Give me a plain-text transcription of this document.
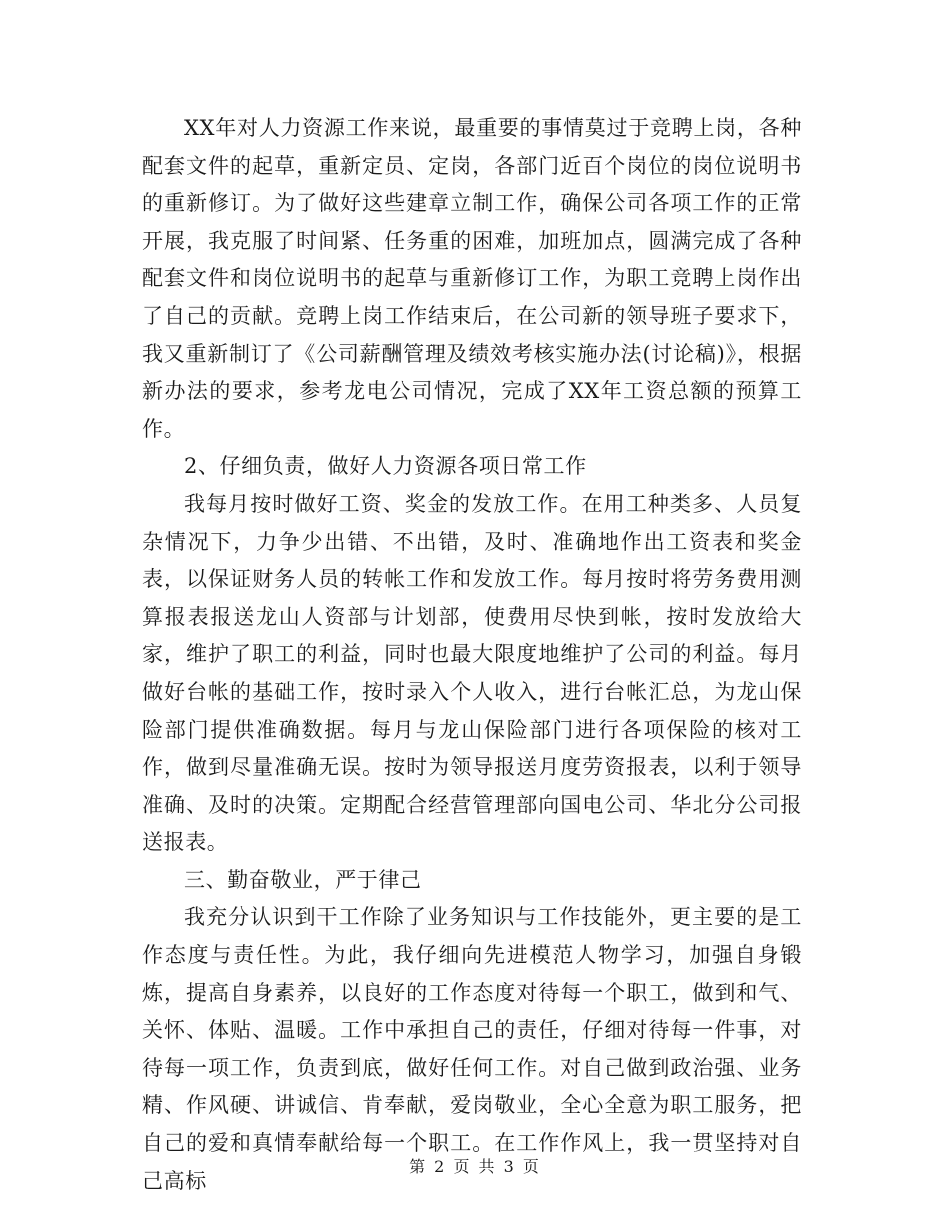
XX年对人力资源工作来说，最重要的事情莫过于竞聘上岗，各种配套文件的起草，重新定员、定岗，各部门近百个岗位的岗位说明书的重新修订。为了做好这些建章立制工作，确保公司各项工作的正常开展，我克服了时间紧、任务重的困难，加班加点，圆满完成了各种配套文件和岗位说明书的起草与重新修订工作，为职工竞聘上岗作出了自己的贡献。竞聘上岗工作结束后，在公司新的领导班子要求下，我又重新制订了《公司薪酬管理及绩效考核实施办法(讨论稿)》，根据新办法的要求，参考龙电公司情况，完成了XX年工资总额的预算工作。

2、仔细负责，做好人力资源各项日常工作

我每月按时做好工资、奖金的发放工作。在用工种类多、人员复杂情况下，力争少出错、不出错，及时、准确地作出工资表和奖金表，以保证财务人员的转帐工作和发放工作。每月按时将劳务费用测算报表报送龙山人资部与计划部，使费用尽快到帐，按时发放给大家，维护了职工的利益，同时也最大限度地维护了公司的利益。每月做好台帐的基础工作，按时录入个人收入，进行台帐汇总，为龙山保险部门提供准确数据。每月与龙山保险部门进行各项保险的核对工作，做到尽量准确无误。按时为领导报送月度劳资报表，以利于领导准确、及时的决策。定期配合经营管理部向国电公司、华北分公司报送报表。

三、勤奋敬业，严于律己

我充分认识到干工作除了业务知识与工作技能外，更主要的是工作态度与责任性。为此，我仔细向先进模范人物学习，加强自身锻炼，提高自身素养，以良好的工作态度对待每一个职工，做到和气、关怀、体贴、温暖。工作中承担自己的责任，仔细对待每一件事，对待每一项工作，负责到底，做好任何工作。对自己做到政治强、业务精、作风硬、讲诚信、肯奉献，爱岗敬业，全心全意为职工服务，把自己的爱和真情奉献给每一个职工。在工作作风上，我一贯坚持对自己高标

第 2 页 共 3 页
